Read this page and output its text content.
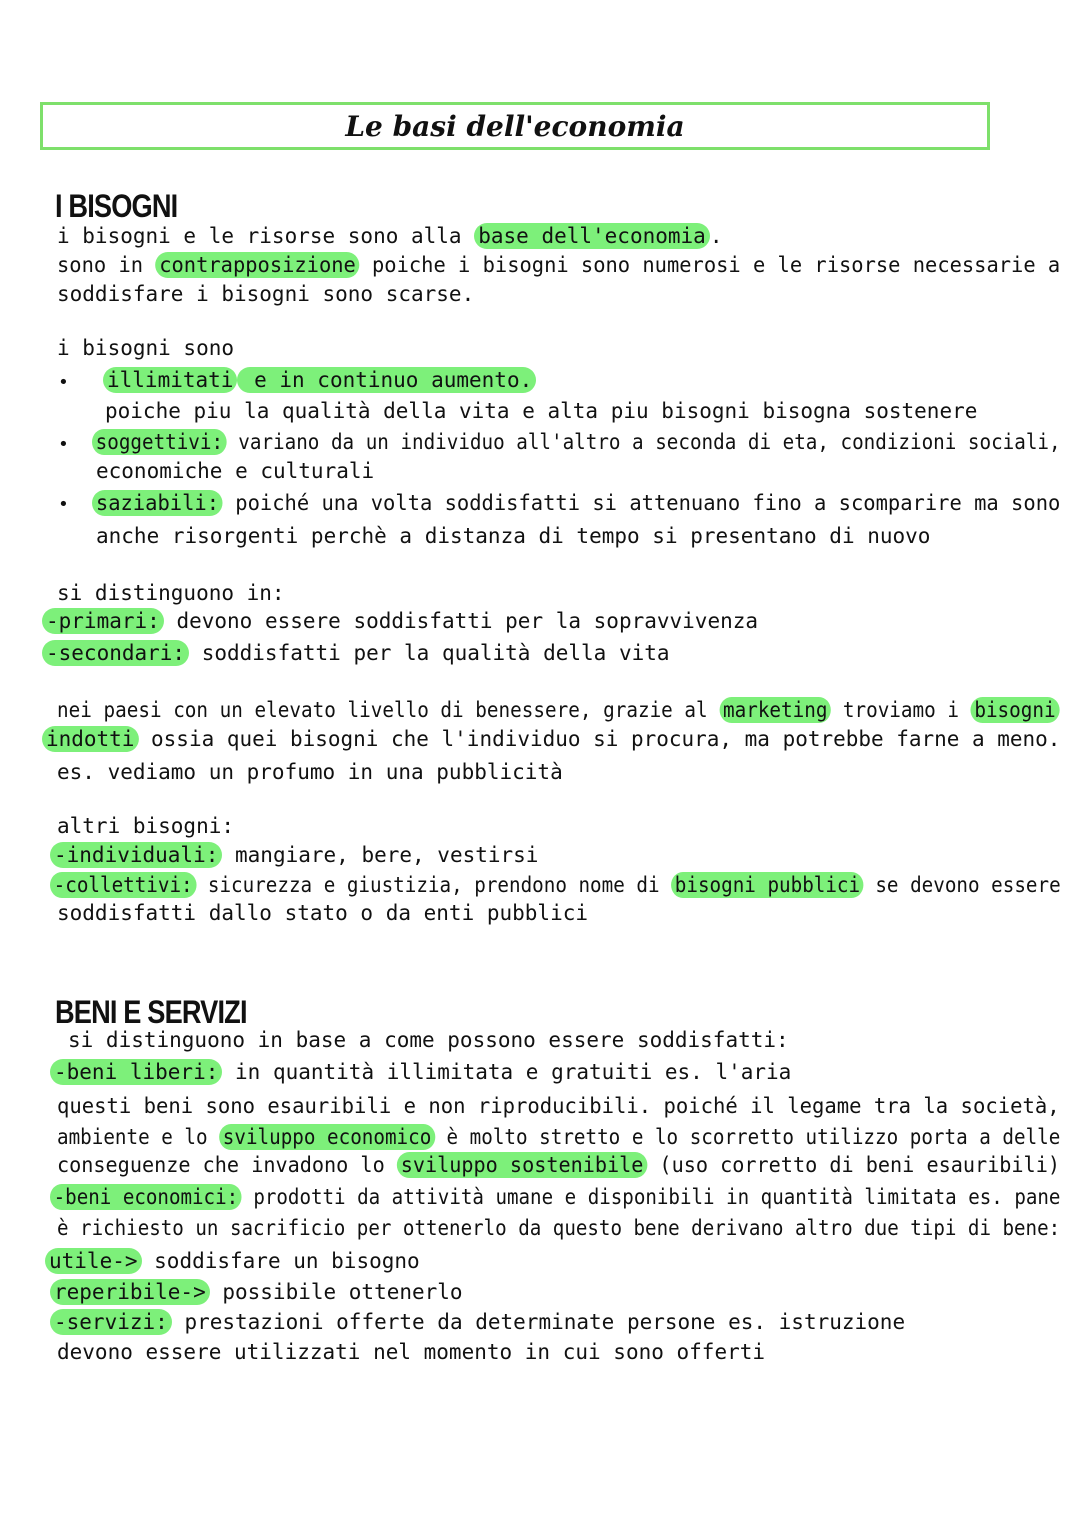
Le basi dell'economia
I BISOGNI
i bisogni e le risorse sono alla base dell'economia .
sono in contrapposizione poiche i bisogni sono numerosi e le risorse necessarie a
soddisfare i bisogni sono scarse.
i bisogni sono
• illimitati e in continuo aumento.
poiche piu la qualità della vita e alta piu bisogni bisogna sostenere
• soggettivi: variano da un individuo all'altro a seconda di eta, condizioni sociali,
economiche e culturali
• saziabili: poiché una volta soddisfatti si attenuano fino a scomparire ma sono
anche risorgenti perchè a distanza di tempo si presentano di nuovo
si distinguono in:
-primari: devono essere soddisfatti per la sopravvivenza
-secondari: soddisfatti per la qualità della vita
nei paesi con un elevato livello di benessere, grazie al marketing troviamo i bisogni
indotti ossia quei bisogni che l'individuo si procura, ma potrebbe farne a meno.
es. vediamo un profumo in una pubblicità
altri bisogni:
-individuali: mangiare, bere, vestirsi
-collettivi: sicurezza e giustizia, prendono nome di bisogni pubblici se devono essere
soddisfatti dallo stato o da enti pubblici
BENI E SERVIZI
si distinguono in base a come possono essere soddisfatti:
-beni liberi: in quantità illimitata e gratuiti es. l'aria
questi beni sono esauribili e non riproducibili. poiché il legame tra la società,
ambiente e lo sviluppo economico è molto stretto e lo scorretto utilizzo porta a delle
conseguenze che invadono lo sviluppo sostenibile (uso corretto di beni esauribili)
-beni economici: prodotti da attività umane e disponibili in quantità limitata es. pane
è richiesto un sacrificio per ottenerlo da questo bene derivano altro due tipi di bene:
utile-> soddisfare un bisogno
reperibile-> possibile ottenerlo
-servizi: prestazioni offerte da determinate persone es. istruzione
devono essere utilizzati nel momento in cui sono offerti
